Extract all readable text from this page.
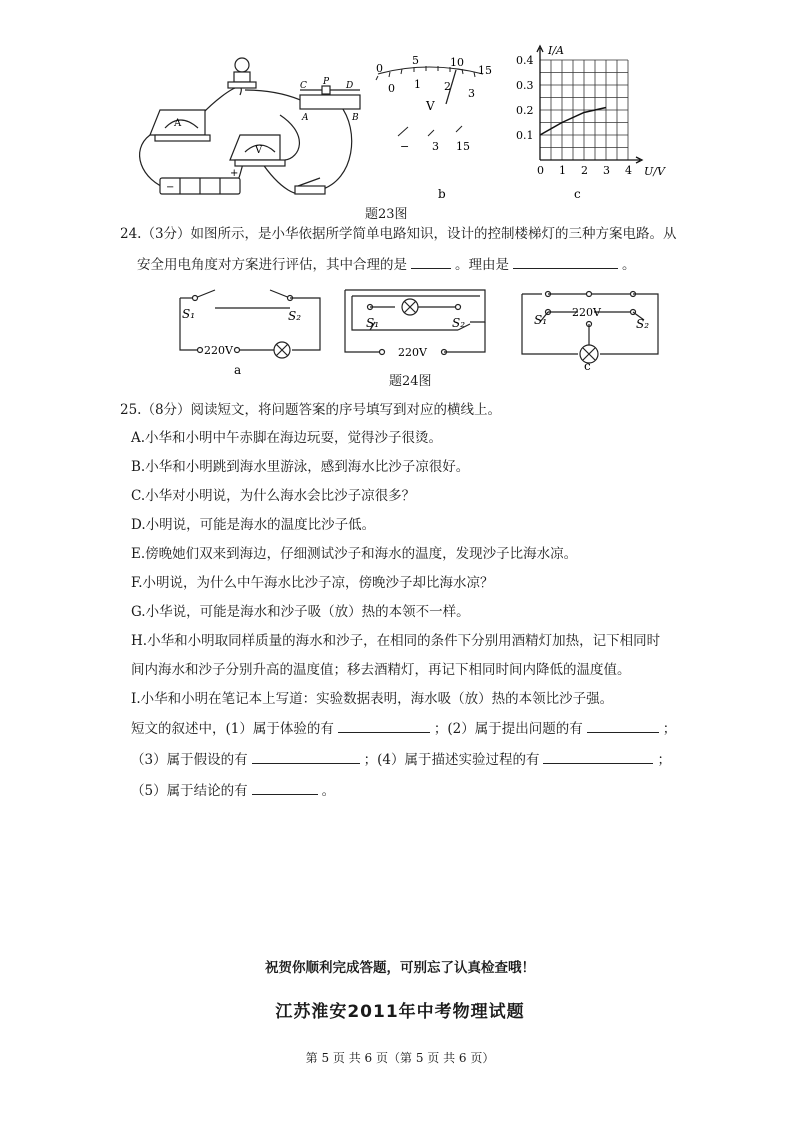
A
V
−
+
C P D
A	B
0
5	10
15
0 1 2
3
V
− 3 15
b
0 1 2 3 4
0.1
0.2
0.3
0.4
I/A
U/V
c
题23图
24.（3分）如图所示，是小华依据所学简单电路知识，设计的控制楼梯灯的三种方案电路。从
安全用电角度对方案进行评估，其中合理的是	。理由是	。
S₁	S₂
220V
a
S₁	S₂
220V
S₁	S₂
220V
c
题24图
25.（8分）阅读短文，将问题答案的序号填写到对应的横线上。
A.小华和小明中午赤脚在海边玩耍，觉得沙子很烫。
B.小华和小明跳到海水里游泳，感到海水比沙子凉很好。
C.小华对小明说，为什么海水会比沙子凉很多？
D.小明说，可能是海水的温度比沙子低。
E.傍晚她们双来到海边，仔细测试沙子和海水的温度，发现沙子比海水凉。
F.小明说，为什么中午海水比沙子凉，傍晚沙子却比海水凉？
G.小华说，可能是海水和沙子吸（放）热的本领不一样。
H.小华和小明取同样质量的海水和沙子，在相同的条件下分别用酒精灯加热，记下相同时
间内海水和沙子分别升高的温度值；移去酒精灯，再记下相同时间内降低的温度值。
I.小华和小明在笔记本上写道：实验数据表明，海水吸（放）热的本领比沙子强。
短文的叙述中，(1）属于体验的有	；(2）属于提出问题的有	；
（3）属于假设的有	；(4）属于描述实验过程的有	；
（5）属于结论的有	。
祝贺你顺利完成答题，可别忘了认真检查哦！
江苏淮安2011年中考物理试题
第 5 页 共 6 页（第 5 页 共 6 页）
